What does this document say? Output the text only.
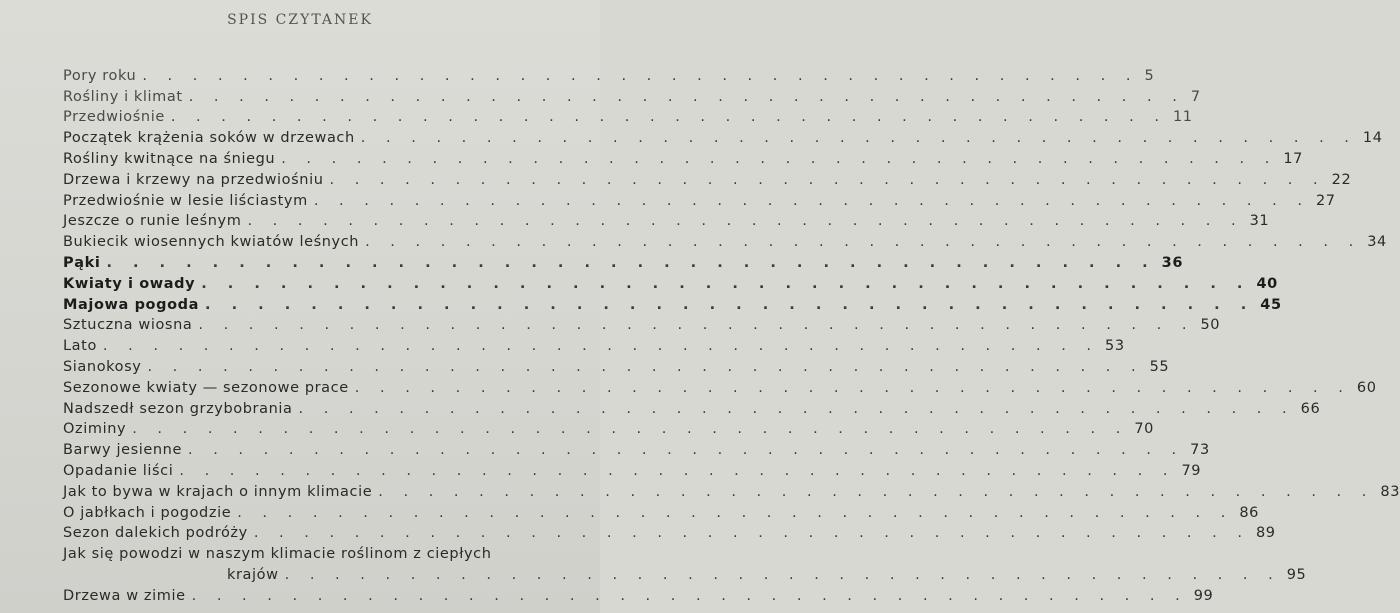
SPIS CZYTANEK
Pory roku . . . . . . . . . . . . . . . . . . . . . . . . . . . . . . . . . . . . . . . . 5
Rośliny i klimat . . . . . . . . . . . . . . . . . . . . . . . . . . . . . . . . . . . . . . . . 7
Przedwiośnie . . . . . . . . . . . . . . . . . . . . . . . . . . . . . . . . . . . . . . . . 11
Początek krążenia soków w drzewach . . . . . . . . . . . . . . . . . . . . . . . . . . . . . . . . . . . . . . . . 14
Rośliny kwitnące na śniegu . . . . . . . . . . . . . . . . . . . . . . . . . . . . . . . . . . . . . . . . 17
Drzewa i krzewy na przedwiośniu . . . . . . . . . . . . . . . . . . . . . . . . . . . . . . . . . . . . . . . . 22
Przedwiośnie w lesie liściastym . . . . . . . . . . . . . . . . . . . . . . . . . . . . . . . . . . . . . . . . 27
Jeszcze o runie leśnym . . . . . . . . . . . . . . . . . . . . . . . . . . . . . . . . . . . . . . . . 31
Bukiecik wiosennych kwiatów leśnych . . . . . . . . . . . . . . . . . . . . . . . . . . . . . . . . . . . . . . . . 34
Pąki . . . . . . . . . . . . . . . . . . . . . . . . . . . . . . . . . . . . . . . . 36
Kwiaty i owady . . . . . . . . . . . . . . . . . . . . . . . . . . . . . . . . . . . . . . . . 40
Majowa pogoda . . . . . . . . . . . . . . . . . . . . . . . . . . . . . . . . . . . . . . . . 45
Sztuczna wiosna . . . . . . . . . . . . . . . . . . . . . . . . . . . . . . . . . . . . . . . . 50
Lato . . . . . . . . . . . . . . . . . . . . . . . . . . . . . . . . . . . . . . . . 53
Sianokosy . . . . . . . . . . . . . . . . . . . . . . . . . . . . . . . . . . . . . . . . 55
Sezonowe kwiaty — sezonowe prace . . . . . . . . . . . . . . . . . . . . . . . . . . . . . . . . . . . . . . . . 60
Nadszedł sezon grzybobrania . . . . . . . . . . . . . . . . . . . . . . . . . . . . . . . . . . . . . . . . 66
Oziminy . . . . . . . . . . . . . . . . . . . . . . . . . . . . . . . . . . . . . . . . 70
Barwy jesienne . . . . . . . . . . . . . . . . . . . . . . . . . . . . . . . . . . . . . . . . 73
Opadanie liści . . . . . . . . . . . . . . . . . . . . . . . . . . . . . . . . . . . . . . . . 79
Jak to bywa w krajach o innym klimacie . . . . . . . . . . . . . . . . . . . . . . . . . . . . . . . . . . . . . . . . 83
O jabłkach i pogodzie . . . . . . . . . . . . . . . . . . . . . . . . . . . . . . . . . . . . . . . . 86
Sezon dalekich podróży . . . . . . . . . . . . . . . . . . . . . . . . . . . . . . . . . . . . . . . . 89
Jak się powodzi w naszym klimacie roślinom z ciepłych
krajów . . . . . . . . . . . . . . . . . . . . . . . . . . . . . . . . . . . . . . . . 95
Drzewa w zimie . . . . . . . . . . . . . . . . . . . . . . . . . . . . . . . . . . . . . . . . 99
